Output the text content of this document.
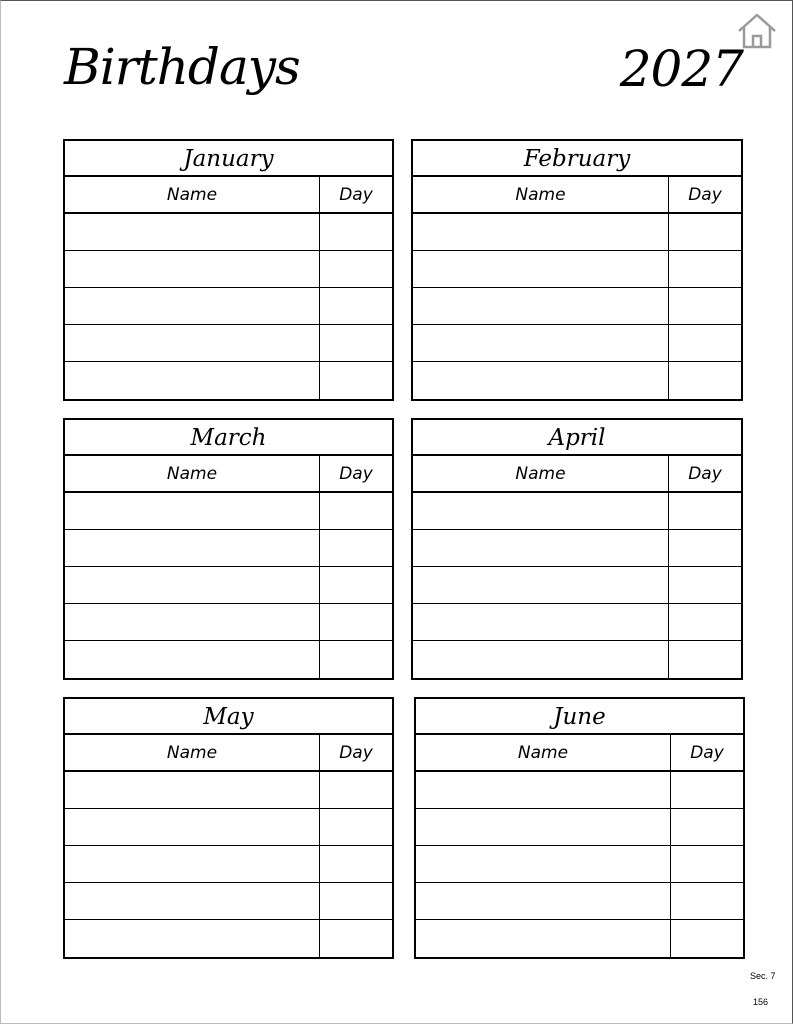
Birthdays	2027
January
Name	Day
February
Name	Day
March
Name	Day
April
Name	Day
May
Name	Day
June
Name	Day
Sec. 7
156
